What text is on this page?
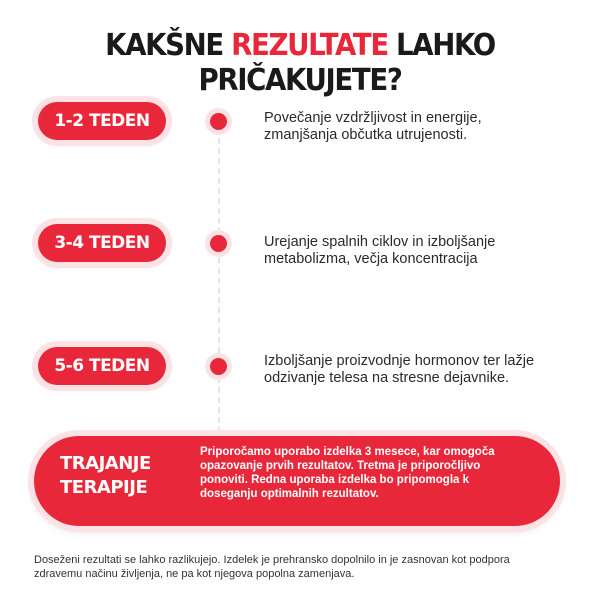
KAKŠNE REZULTATE LAHKO PRIČAKUJETE?
1-2 TEDEN	Povečanje vzdržljivost in energije,
zmanjšanja občutka utrujenosti.
3-4 TEDEN	Urejanje spalnih ciklov in izboljšanje
metabolizma, večja koncentracija
5-6 TEDEN	Izboljšanje proizvodnje hormonov ter lažje
odzivanje telesa na stresne dejavnike.
TRAJANJE
TERAPIJE
Priporočamo uporabo izdelka 3 mesece, kar omogoča
opazovanje prvih rezultatov. Tretma je priporočljivo
ponoviti. Redna uporaba izdelka bo pripomogla k
doseganju optimalnih rezultatov.
Doseženi rezultati se lahko razlikujejo. Izdelek je prehransko dopolnilo in je zasnovan kot podpora
zdravemu načinu življenja, ne pa kot njegova popolna zamenjava.
